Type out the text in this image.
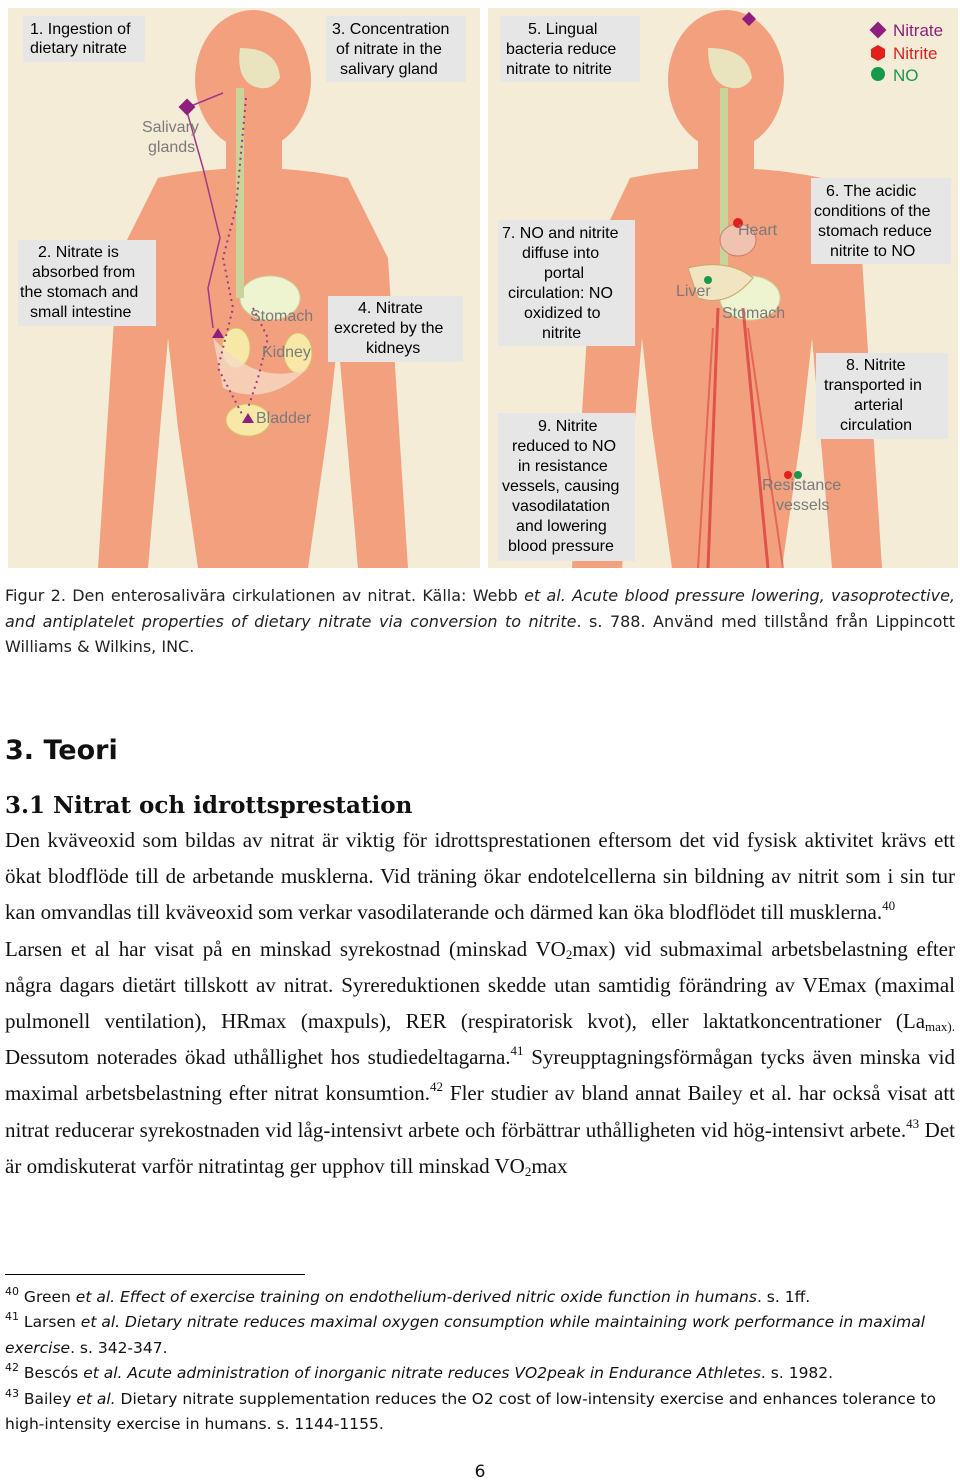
Nitrate
Nitrite
NO
1. Ingestion of
dietary nitrate
3. Concentration
of nitrate in the
salivary gland
5. Lingual
bacteria reduce
nitrate to nitrite
2. Nitrate is
absorbed from
the stomach and
small intestine	4. Nitrate
excreted by the
kidneys
6. The acidic
conditions of the
stomach reduce
nitrite to NO
7. NO and nitrite
diffuse into
portal
circulation: NO
oxidized to
nitrite
8. Nitrite
transported in
arterial
circulation
9. Nitrite
reduced to NO
in resistance
vessels, causing
vasodilatation
and lowering
blood pressure
Salivary
glands
Stomach
Kidney
Bladder
Heart
Liver
Stomach
Resistance
vessels
Figur 2. Den enterosalivära cirkulationen av nitrat. Källa: Webb et al. Acute blood pressure lowering, vasoprotective, and antiplatelet properties of dietary nitrate via conversion to nitrite. s. 788. Använd med tillstånd från Lippincott Williams & Wilkins, INC.
3. Teori
3.1 Nitrat och idrottsprestation

Den kväveoxid som bildas av nitrat är viktig för idrottsprestationen eftersom det vid fysisk aktivitet krävs ett ökat blodflöde till de arbetande musklerna. Vid träning ökar endotelcellerna sin bildning av nitrit som i sin tur kan omvandlas till kväveoxid som verkar vasodilaterande och därmed kan öka blodflödet till musklerna.$^{40}$

Larsen et al har visat på en minskad syrekostnad (minskad $VO_2\max$) vid submaximal arbetsbelastning efter några dagars dietärt tillskott av nitrat. Syrereduktionen skedde utan samtidig förändring av VEmax (maximal pulmonell ventilation), HRmax (maxpuls), RER (respiratorisk kvot), eller laktatkoncentrationer ($La_{max).}$ Dessutom noterades ökad uthållighet hos studiedeltagarna.$^{41}$ Syreupptagningsförmågan tycks även minska vid maximal arbetsbelastning efter nitrat konsumtion.$^{42}$ Fler studier av bland annat Bailey et al. har också visat att nitrat reducerar syrekostnaden vid låg-intensivt arbete och förbättrar uthålligheten vid hög-intensivt arbete.$^{43}$ Det är omdiskuterat varför nitratintag ger upphov till minskad $VO_2\max$

$^{40}$ Green et al. Effect of exercise training on endothelium-derived nitric oxide function in humans. s. 1ff.

$^{41}$ Larsen et al. Dietary nitrate reduces maximal oxygen consumption while maintaining work performance in maximal exercise. s. 342-347.

$^{42}$ Bescós et al. Acute administration of inorganic nitrate reduces VO2peak in Endurance Athletes. s. 1982.

$^{43}$ Bailey et al. Dietary nitrate supplementation reduces the O2 cost of low-intensity exercise and enhances tolerance to high-intensity exercise in humans. s. 1144-1155.

6
